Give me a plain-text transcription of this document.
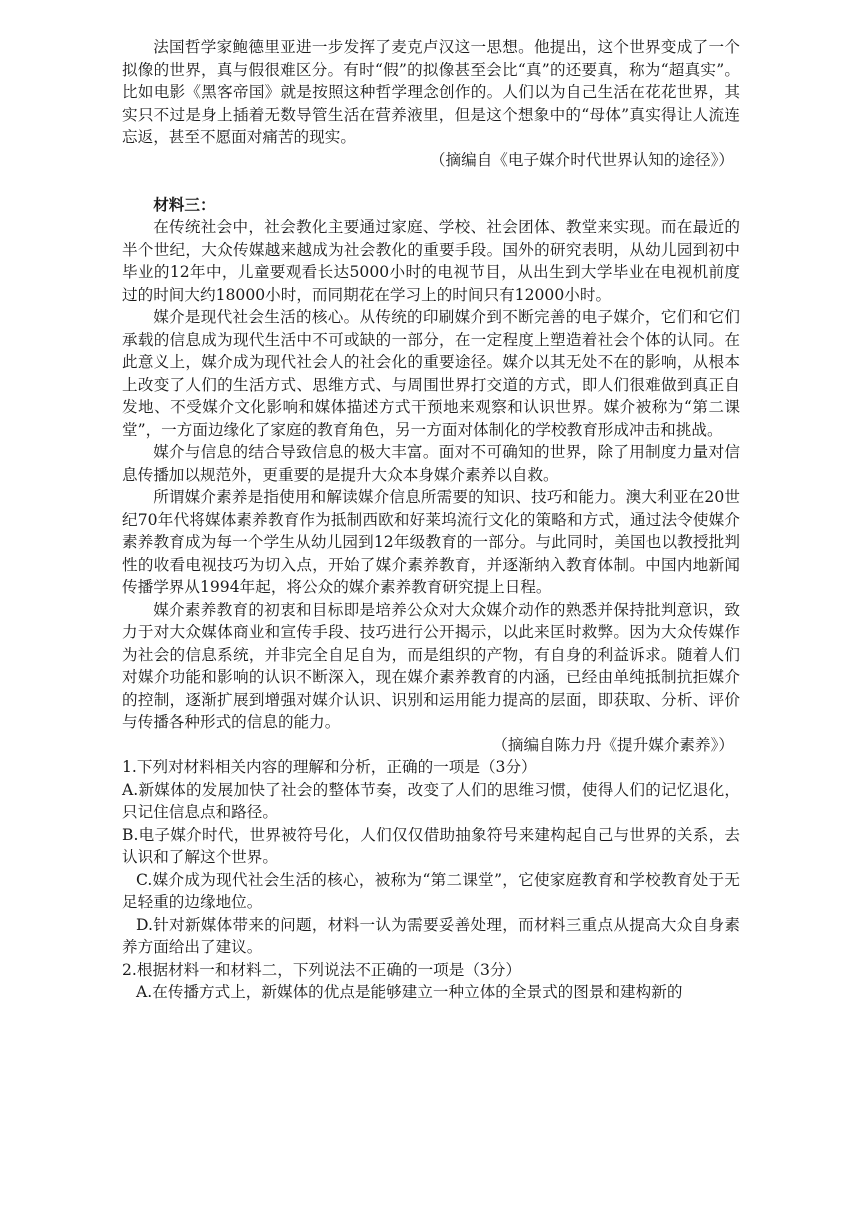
法国哲学家鲍德里亚进一步发挥了麦克卢汉这一思想。他提出，这个世界变成了一个拟像的世界，真与假很难区分。有时“假”的拟像甚至会比“真”的还要真，称为“超真实”。比如电影《黑客帝国》就是按照这种哲学理念创作的。人们以为自己生活在花花世界，其实只不过是身上插着无数导管生活在营养液里，但是这个想象中的“母体”真实得让人流连忘返，甚至不愿面对痛苦的现实。

（摘编自《电子媒介时代世界认知的途径》）

材料三：

在传统社会中，社会教化主要通过家庭、学校、社会团体、教堂来实现。而在最近的半个世纪，大众传媒越来越成为社会教化的重要手段。国外的研究表明，从幼儿园到初中毕业的12年中，儿童要观看长达5000小时的电视节目，从出生到大学毕业在电视机前度过的时间大约18000小时，而同期花在学习上的时间只有12000小时。

媒介是现代社会生活的核心。从传统的印刷媒介到不断完善的电子媒介，它们和它们承载的信息成为现代生活中不可或缺的一部分，在一定程度上塑造着社会个体的认同。在此意义上，媒介成为现代社会人的社会化的重要途径。媒介以其无处不在的影响，从根本上改变了人们的生活方式、思维方式、与周围世界打交道的方式，即人们很难做到真正自发地、不受媒介文化影响和媒体描述方式干预地来观察和认识世界。媒介被称为“第二课堂”，一方面边缘化了家庭的教育角色，另一方面对体制化的学校教育形成冲击和挑战。

媒介与信息的结合导致信息的极大丰富。面对不可确知的世界，除了用制度力量对信息传播加以规范外，更重要的是提升大众本身媒介素养以自救。

所谓媒介素养是指使用和解读媒介信息所需要的知识、技巧和能力。澳大利亚在20世纪70年代将媒体素养教育作为抵制西欧和好莱坞流行文化的策略和方式，通过法令使媒介素养教育成为每一个学生从幼儿园到12年级教育的一部分。与此同时，美国也以教授批判性的收看电视技巧为切入点，开始了媒介素养教育，并逐渐纳入教育体制。中国内地新闻传播学界从1994年起，将公众的媒介素养教育研究提上日程。

媒介素养教育的初衷和目标即是培养公众对大众媒介动作的熟悉并保持批判意识，致力于对大众媒体商业和宣传手段、技巧进行公开揭示，以此来匡时救弊。因为大众传媒作为社会的信息系统，并非完全自足自为，而是组织的产物，有自身的利益诉求。随着人们对媒介功能和影响的认识不断深入，现在媒介素养教育的内涵，已经由单纯抵制抗拒媒介的控制，逐渐扩展到增强对媒介认识、识别和运用能力提高的层面，即获取、分析、评价与传播各种形式的信息的能力。

（摘编自陈力丹《提升媒介素养》）

1.下列对材料相关内容的理解和分析，正确的一项是（3分）

A.新媒体的发展加快了社会的整体节奏，改变了人们的思维习惯，使得人们的记忆退化，只记住信息点和路径。

B.电子媒介时代，世界被符号化，人们仅仅借助抽象符号来建构起自己与世界的关系，去认识和了解这个世界。

C.媒介成为现代社会生活的核心，被称为“第二课堂”，它使家庭教育和学校教育处于无足轻重的边缘地位。

D.针对新媒体带来的问题，材料一认为需要妥善处理，而材料三重点从提高大众自身素养方面给出了建议。

2.根据材料一和材料二，下列说法不正确的一项是（3分）

A.在传播方式上，新媒体的优点是能够建立一种立体的全景式的图景和建构新的
